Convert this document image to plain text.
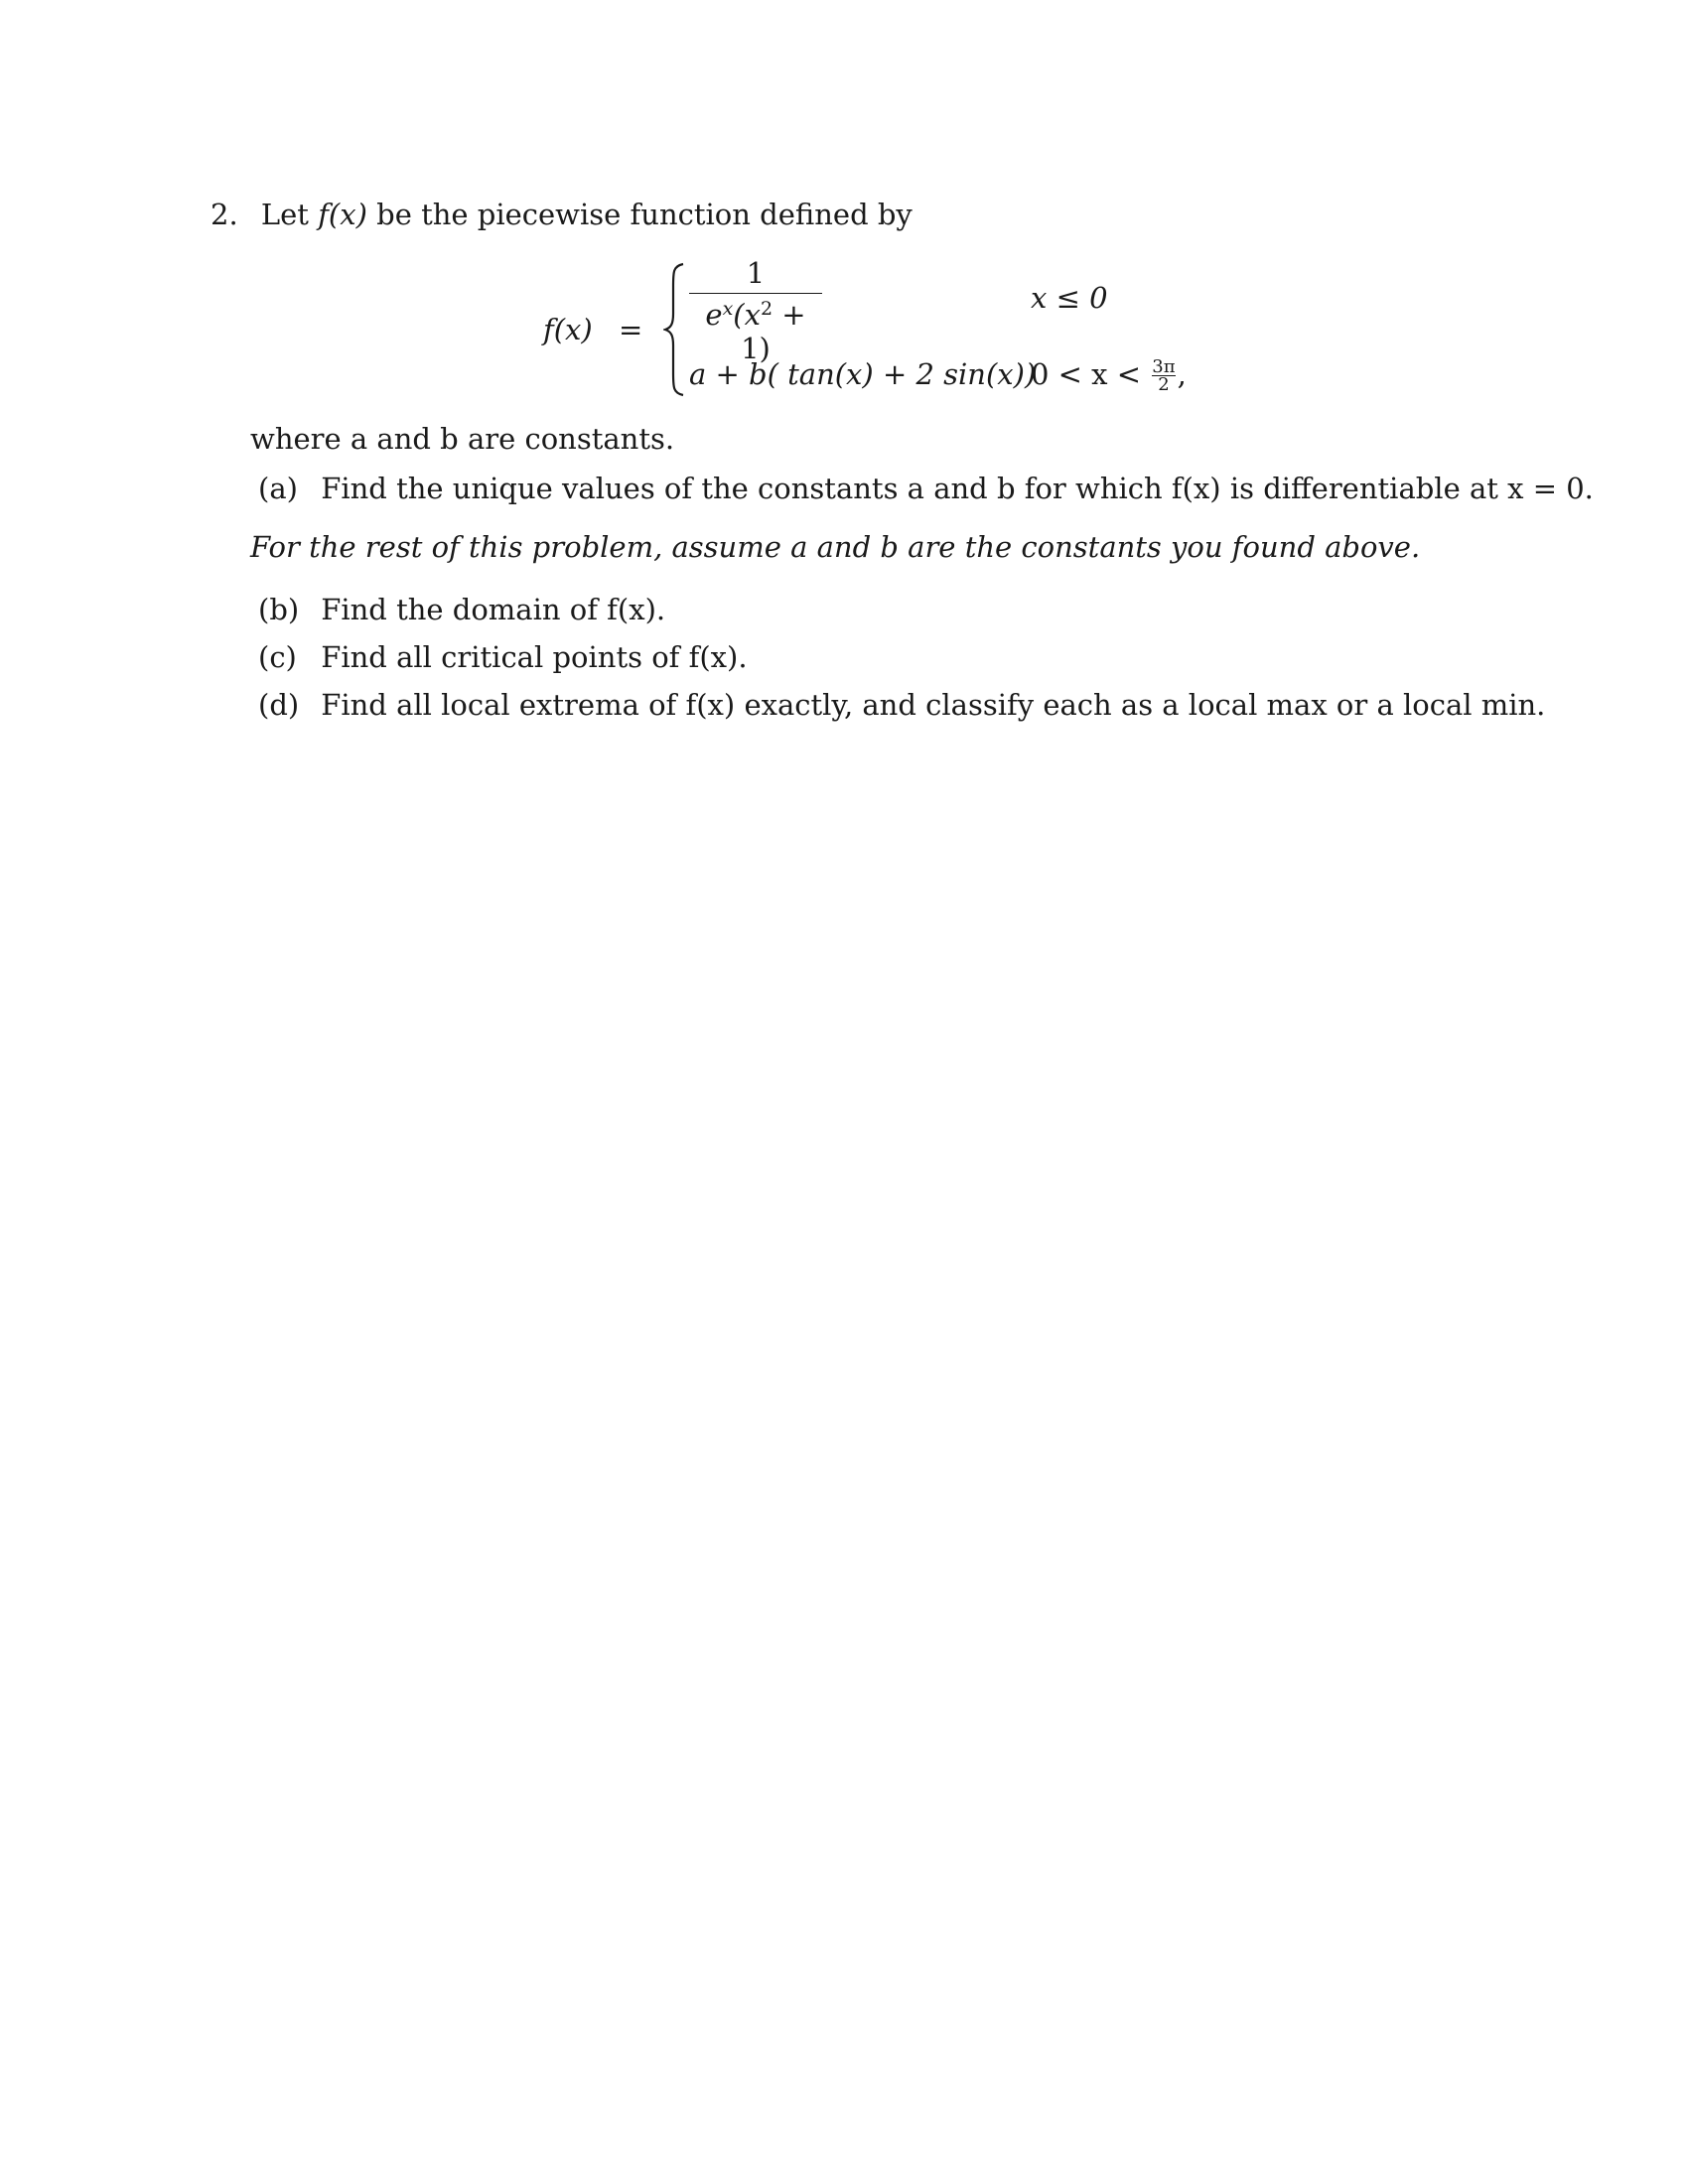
2. Let f(x) be the piecewise function defined by
f(x) =
1
$e^x(x^2 + 1)$
x ≤ 0
a + b( tan(x) + 2 sin(x))
$0 < x < \frac{3\pi}{2}$ ,
where a and b are constants.
(a) Find the unique values of the constants a and b for which f(x) is differentiable at x = 0.
For the rest of this problem, assume a and b are the constants you found above.
(b) Find the domain of f(x).
(c) Find all critical points of f(x).
(d) Find all local extrema of f(x) exactly, and classify each as a local max or a local min.
